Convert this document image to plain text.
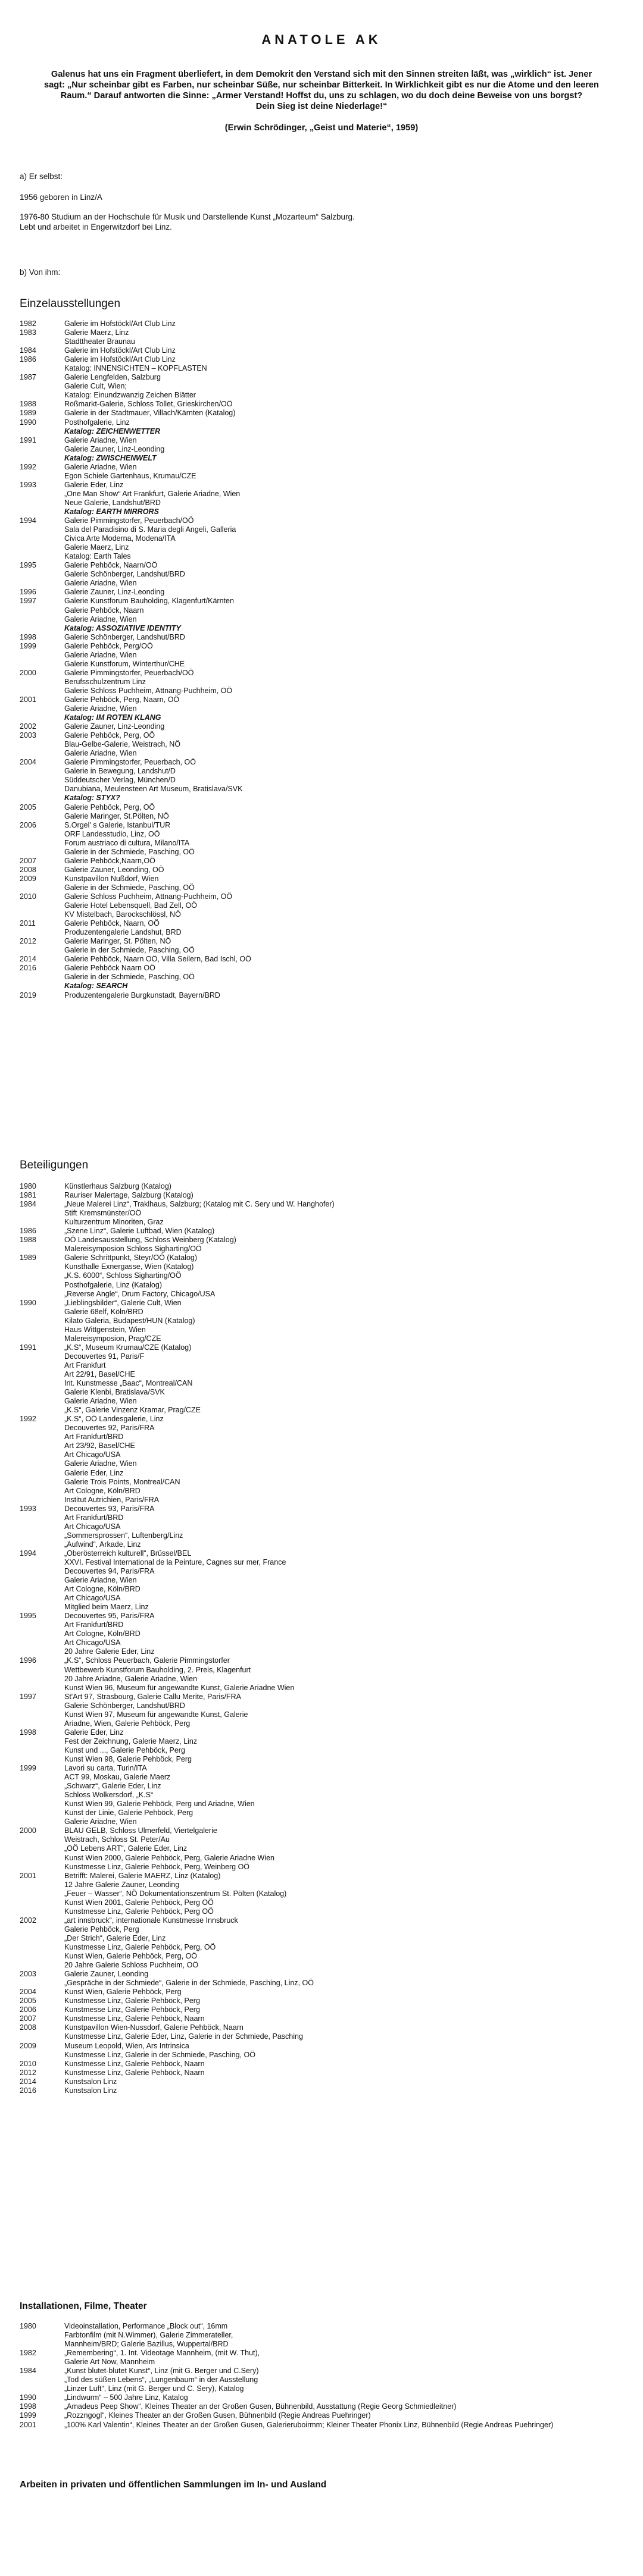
ANATOLE AK

Galenus hat uns ein Fragment überliefert, in dem Demokrit den Verstand sich mit den Sinnen streiten läßt, was „wirklich“ ist. Jener

sagt: „Nur scheinbar gibt es Farben, nur scheinbar Süße, nur scheinbar Bitterkeit. In Wirklichkeit gibt es nur die Atome und den leeren

Raum.“ Darauf antworten die Sinne: „Armer Verstand! Hoffst du, uns zu schlagen, wo du doch deine Beweise von uns borgst?

Dein Sieg ist deine Niederlage!“

(Erwin Schrödinger, „Geist und Materie“, 1959)

a) Er selbst:

1956 geboren in Linz/A

1976-80 Studium an der Hochschule für Musik und Darstellende Kunst „Mozarteum“ Salzburg.

Lebt und arbeitet in Engerwitzdorf bei Linz.

b) Von ihm:

Einzelausstellungen
1982	Galerie im Hofstöckl/Art Club Linz
1983	Galerie Maerz, Linz
Stadttheater Braunau
1984	Galerie im Hofstöckl/Art Club Linz
1986	Galerie im Hofstöckl/Art Club Linz
Katalog: INNENSICHTEN – KOPFLASTEN
1987	Galerie Lengfelden, Salzburg
Galerie Cult, Wien;
Katalog: Einundzwanzig Zeichen Blätter
1988	Roßmarkt-Galerie, Schloss Tollet, Grieskirchen/OÖ
1989	Galerie in der Stadtmauer, Villach/Kärnten (Katalog)
1990	Posthofgalerie, Linz
Katalog: ZEICHENWETTER
1991	Galerie Ariadne, Wien
Galerie Zauner, Linz-Leonding
Katalog: ZWISCHENWELT
1992	Galerie Ariadne, Wien
Egon Schiele Gartenhaus, Krumau/CZE
1993	Galerie Eder, Linz
„One Man Show“ Art Frankfurt, Galerie Ariadne, Wien
Neue Galerie, Landshut/BRD
Katalog: EARTH MIRRORS
1994	Galerie Pimmingstorfer, Peuerbach/OÖ
Sala del Paradisino di S. Maria degli Angeli, Galleria
Civica Arte Moderna, Modena/ITA
Galerie Maerz, Linz
Katalog: Earth Tales
1995	Galerie Pehböck, Naarn/OÖ
Galerie Schönberger, Landshut/BRD
Galerie Ariadne, Wien
1996	Galerie Zauner, Linz-Leonding
1997	Galerie Kunstforum Bauholding, Klagenfurt/Kärnten
Galerie Pehböck, Naarn
Galerie Ariadne, Wien
Katalog: ASSOZIATIVE IDENTITY
1998	Galerie Schönberger, Landshut/BRD
1999	Galerie Pehböck, Perg/OÖ
Galerie Ariadne, Wien
Galerie Kunstforum, Winterthur/CHE
2000	Galerie Pimmingstorfer, Peuerbach/OÖ
Berufsschulzentrum Linz
Galerie Schloss Puchheim, Attnang-Puchheim, OÖ
2001	Galerie Pehböck, Perg, Naarn, OÖ
Galerie Ariadne, Wien
Katalog: IM ROTEN KLANG
2002	Galerie Zauner, Linz-Leonding
2003	Galerie Pehböck, Perg, OÖ
Blau-Gelbe-Galerie, Weistrach, NÖ
Galerie Ariadne, Wien
2004	Galerie Pimmingstorfer, Peuerbach, OÖ
Galerie in Bewegung, Landshut/D
Süddeutscher Verlag, München/D
Danubiana, Meulensteen Art Museum, Bratislava/SVK
Katalog: STYX?
2005	Galerie Pehböck, Perg, OÖ
Galerie Maringer, St.Pölten, NÖ
2006	S.Orgel' s Galerie, Istanbul/TUR
ORF Landesstudio, Linz, OÖ
Forum austriaco di cultura, Milano/ITA
Galerie in der Schmiede, Pasching, OÖ
2007	Galerie Pehböck,Naarn,OÖ
2008	Galerie Zauner, Leonding, OÖ
2009	Kunstpavillon Nußdorf, Wien
Galerie in der Schmiede, Pasching, OÖ
2010	Galerie Schloss Puchheim, Attnang-Puchheim, OÖ
Galerie Hotel Lebensquell, Bad Zell, OÖ
KV Mistelbach, Barockschlössl, NÖ
2011	Galerie Pehböck, Naarn, OÖ
Produzentengalerie Landshut, BRD
2012	Galerie Maringer, St. Pölten, NÖ
Galerie in der Schmiede, Pasching, OÖ
2014	Galerie Pehböck, Naarn OÖ, Villa Seilern, Bad Ischl, OÖ
2016	Galerie Pehböck Naarn OÖ
Galerie in der Schmiede, Pasching, OÖ
Katalog: SEARCH
2019	Produzentengalerie Burgkunstadt, Bayern/BRD
Beteiligungen
1980	Künstlerhaus Salzburg (Katalog)
1981	Rauriser Malertage, Salzburg (Katalog)
1984	„Neue Malerei Linz“, Traklhaus, Salzburg; (Katalog mit C. Sery und W. Hanghofer)
Stift Kremsmünster/OÖ
Kulturzentrum Minoriten, Graz
1986	„Szene Linz“, Galerie Luftbad, Wien (Katalog)
1988	OÖ Landesausstellung, Schloss Weinberg (Katalog)
Malereisymposion Schloss Sigharting/OÖ
1989	Galerie Schrittpunkt, Steyr/OÖ (Katalog)
Kunsthalle Exnergasse, Wien (Katalog)
„K.S. 6000“, Schloss Sigharting/OÖ
Posthofgalerie, Linz (Katalog)
„Reverse Angle“, Drum Factory, Chicago/USA
1990	„Lieblingsbilder“, Galerie Cult, Wien
Galerie 68elf, Köln/BRD
Kilato Galeria, Budapest/HUN (Katalog)
Haus Wittgenstein, Wien
Malereisymposion, Prag/CZE
1991	„K.S“, Museum Krumau/CZE (Katalog)
Decouvertes 91, Paris/F
Art Frankfurt
Art 22/91, Basel/CHE
Int. Kunstmesse „Baac“, Montreal/CAN
Galerie Klenbi, Bratislava/SVK
Galerie Ariadne, Wien
„K.S“, Galerie Vinzenz Kramar, Prag/CZE
1992	„K.S“, OÖ Landesgalerie, Linz
Decouvertes 92, Paris/FRA
Art Frankfurt/BRD
Art 23/92, Basel/CHE
Art Chicago/USA
Galerie Ariadne, Wien
Galerie Eder, Linz
Galerie Trois Points, Montreal/CAN
Art Cologne, Köln/BRD
Institut Autrichien, Paris/FRA
1993	Decouvertes 93, Paris/FRA
Art Frankfurt/BRD
Art Chicago/USA
„Sommersprossen“, Luftenberg/Linz
„Aufwind“, Arkade, Linz
1994	„Oberösterreich kulturell“, Brüssel/BEL
XXVI. Festival International de la Peinture, Cagnes sur mer, France
Decouvertes 94, Paris/FRA
Galerie Ariadne, Wien
Art Cologne, Köln/BRD
Art Chicago/USA
Mitglied beim Maerz, Linz
1995	Decouvertes 95, Paris/FRA
Art Frankfurt/BRD
Art Cologne, Köln/BRD
Art Chicago/USA
20 Jahre Galerie Eder, Linz
1996	„K.S“, Schloss Peuerbach, Galerie Pimmingstorfer
Wettbewerb Kunstforum Bauholding, 2. Preis, Klagenfurt
20 Jahre Ariadne, Galerie Ariadne, Wien
Kunst Wien 96, Museum für angewandte Kunst, Galerie Ariadne Wien
1997	St'Art 97, Strasbourg, Galerie Callu Merite, Paris/FRA
Galerie Schönberger, Landshut/BRD
Kunst Wien 97, Museum für angewandte Kunst, Galerie
Ariadne, Wien, Galerie Pehböck, Perg
1998	Galerie Eder, Linz
Fest der Zeichnung, Galerie Maerz, Linz
Kunst und ..., Galerie Pehböck, Perg
Kunst Wien 98, Galerie Pehböck, Perg
1999	Lavori su carta, Turin/ITA
ACT 99, Moskau, Galerie Maerz
„Schwarz“, Galerie Eder, Linz
Schloss Wolkersdorf, „K.S“
Kunst Wien 99, Galerie Pehböck, Perg und Ariadne, Wien
Kunst der Linie, Galerie Pehböck, Perg
Galerie Ariadne, Wien
2000	BLAU GELB, Schloss Ulmerfeld, Viertelgalerie
Weistrach, Schloss St. Peter/Au
„OÖ Lebens ART“, Galerie Eder, Linz
Kunst Wien 2000, Galerie Pehböck, Perg, Galerie Ariadne Wien
Kunstmesse Linz, Galerie Pehböck, Perg, Weinberg OÖ
2001	Betrifft: Malerei, Galerie MAERZ, Linz (Katalog)
12 Jahre Galerie Zauner, Leonding
„Feuer – Wasser“, NÖ Dokumentationszentrum St. Pölten (Katalog)
Kunst Wien 2001, Galerie Pehböck, Perg OÖ
Kunstmesse Linz, Galerie Pehböck, Perg OÖ
2002	„art innsbruck“, internationale Kunstmesse Innsbruck
Galerie Pehböck, Perg
„Der Strich“, Galerie Eder, Linz
Kunstmesse Linz, Galerie Pehböck, Perg, OÖ
Kunst Wien, Galerie Pehböck, Perg, OÖ
20 Jahre Galerie Schloss Puchheim, OÖ
2003	Galerie Zauner, Leonding
„Gespräche in der Schmiede“, Galerie in der Schmiede, Pasching, Linz, OÖ
2004	Kunst Wien, Galerie Pehböck, Perg
2005	Kunstmesse Linz, Galerie Pehböck, Perg
2006	Kunstmesse Linz, Galerie Pehböck, Perg
2007	Kunstmesse Linz, Galerie Pehböck, Naarn
2008	Kunstpavillon Wien-Nussdorf, Galerie Pehböck, Naarn
Kunstmesse Linz, Galerie Eder, Linz, Galerie in der Schmiede, Pasching
2009	Museum Leopold, Wien, Ars Intrinsica
Kunstmesse Linz, Galerie in der Schmiede, Pasching, OÖ
2010	Kunstmesse Linz, Galerie Pehböck, Naarn
2012	Kunstmesse Linz, Galerie Pehböck, Naarn
2014	Kunstsalon Linz
2016	Kunstsalon Linz
Installationen, Filme, Theater
1980	Videoinstallation, Performance „Block out“, 16mm
Farbtonfilm (mit N.Wimmer), Galerie Zimmerateller,
Mannheim/BRD; Galerie Bazillus, Wuppertal/BRD
1982	„Remembering“, 1. Int. Videotage Mannheim, (mit W. Thut),
Galerie Art Now, Mannheim
1984	„Kunst blutet-blutet Kunst“, Linz (mit G. Berger und C.Sery)
„Tod des süßen Lebens“, „Lungenbaum“ in der Ausstellung
„Linzer Luft“, Linz (mit G. Berger und C. Sery), Katalog
1990	„Lindwurm“ – 500 Jahre Linz, Katalog
1998	„Amadeus Peep Show“, Kleines Theater an der Großen Gusen, Bühnenbild, Ausstattung (Regie Georg Schmiedleitner)
1999	„Rozzngogl“, Kleines Theater an der Großen Gusen, Bühnenbild (Regie Andreas Puehringer)
2001	„100% Karl Valentin“, Kleines Theater an der Großen Gusen, Galerieruboirmm; Kleiner Theater Phonix Linz, Bühnenbild (Regie Andreas Puehringer)
Arbeiten in privaten und öffentlichen Sammlungen im In- und Ausland
